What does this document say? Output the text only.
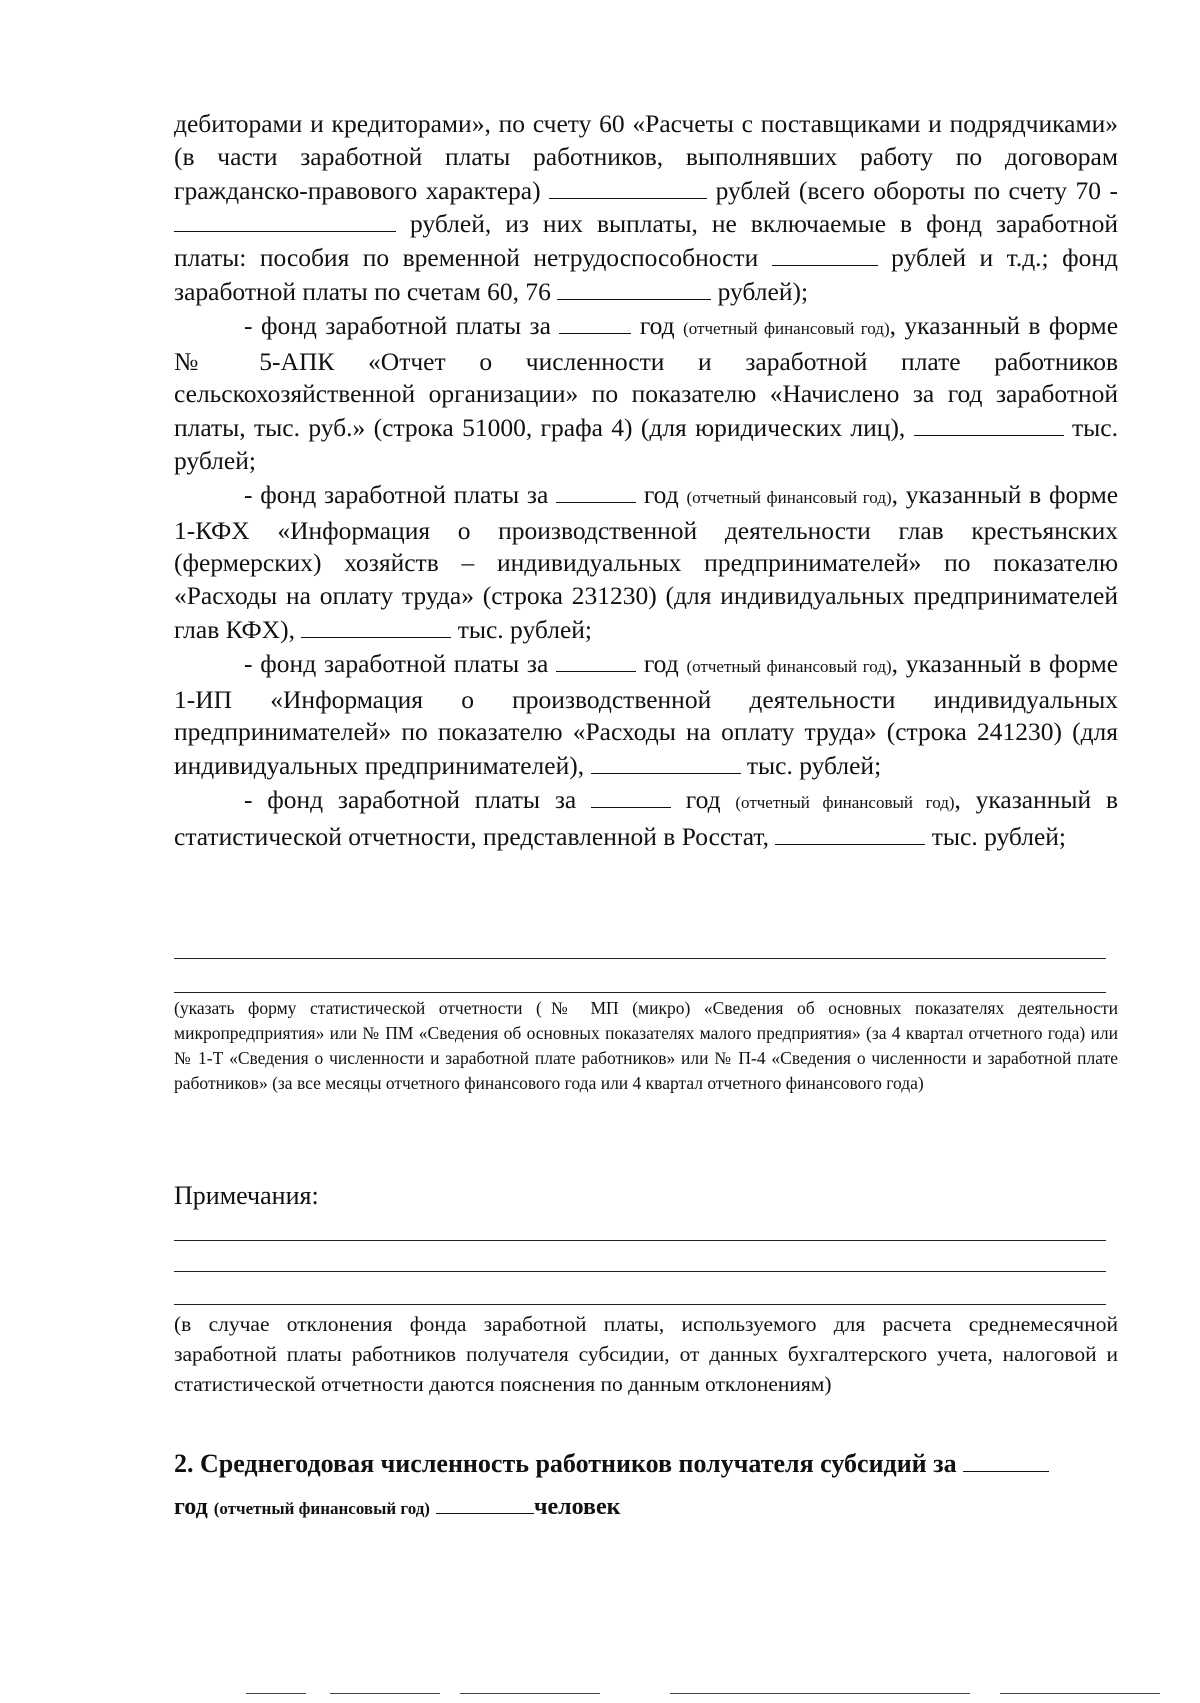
дебиторами и кредиторами», по счету 60 «Расчеты с поставщиками и подрядчиками» (в части заработной платы работников, выполнявших работу по договорам гражданско-правового характера)	рублей (всего обороты по счету 70 -  рублей, из них выплаты, не включаемые в фонд заработной платы: пособия по временной нетрудоспособности	рублей и т.д.; фонд заработной платы по счетам 60, 76	рублей);

- фонд заработной платы за	год (отчетный финансовый год), указанный в форме № 5-АПК «Отчет о численности и заработной плате работников сельскохозяйственной организации» по показателю «Начислено за год заработной платы, тыс. руб.» (строка 51000, графа 4) (для юридических лиц),	тыс. рублей;

- фонд заработной платы за	год (отчетный финансовый год), указанный в форме 1-КФХ «Информация о производственной деятельности глав крестьянских (фермерских) хозяйств – индивидуальных предпринимателей» по показателю «Расходы на оплату труда» (строка 231230) (для индивидуальных предпринимателей глав КФХ),	тыс. рублей;

- фонд заработной платы за	год (отчетный финансовый год), указанный в форме 1-ИП «Информация о производственной деятельности индивидуальных предпринимателей» по показателю «Расходы на оплату труда» (строка 241230) (для индивидуальных предпринимателей),	тыс. рублей;

- фонд заработной платы за	год (отчетный финансовый год), указанный в статистической отчетности, представленной в Росстат,	тыс. рублей;

(указать форму статистической отчетности (№ МП (микро) «Сведения об основных показателях деятельности микропредприятия» или № ПМ «Сведения об основных показателях малого предприятия» (за 4 квартал отчетного года) или № 1-Т «Сведения о численности и заработной плате работников» или № П-4 «Сведения о численности и заработной плате работников» (за все месяцы отчетного финансового года или 4 квартал отчетного финансового года)
Примечания:
(в случае отклонения фонда заработной платы, используемого для расчета среднемесячной заработной платы работников получателя субсидии, от данных бухгалтерского учета, налоговой и статистической отчетности даются пояснения по данным отклонениям)
2. Среднегодовая численность работников получателя субсидий за
год (отчетный финансовый год)	человек
